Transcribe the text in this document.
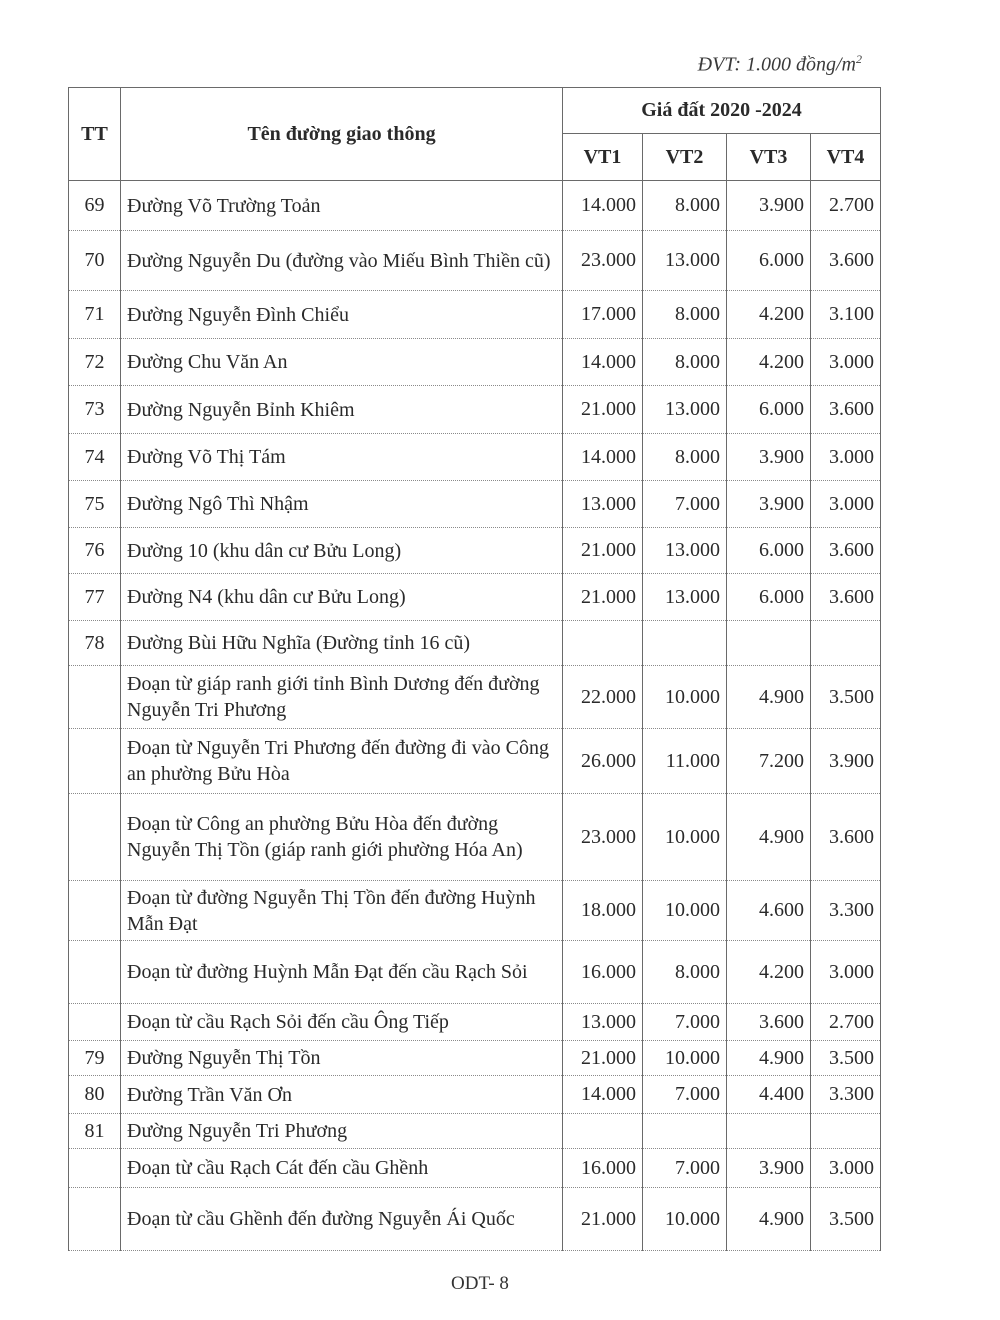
ĐVT: 1.000 đồng/$m^2$
TT	Tên đường giao thông	Giá đất 2020 -2024			
		VT1	VT2	VT3	VT4
69	Đường Võ Trường Toản	14.000	8.000	3.900	2.700
70	Đường Nguyễn Du (đường vào Miếu Bình Thiền cũ)	23.000	13.000	6.000	3.600
71	Đường Nguyễn Đình Chiểu	17.000	8.000	4.200	3.100
72	Đường Chu Văn An	14.000	8.000	4.200	3.000
73	Đường Nguyễn Bỉnh Khiêm	21.000	13.000	6.000	3.600
74	Đường Võ Thị Tám	14.000	8.000	3.900	3.000
75	Đường Ngô Thì Nhậm	13.000	7.000	3.900	3.000
76	Đường 10 (khu dân cư Bửu Long)	21.000	13.000	6.000	3.600
77	Đường N4 (khu dân cư Bửu Long)	21.000	13.000	6.000	3.600
78	Đường Bùi Hữu Nghĩa (Đường tỉnh 16 cũ)				
	Đoạn từ giáp ranh giới tỉnh Bình Dương đến đường Nguyễn Tri Phương	22.000	10.000	4.900	3.500
	Đoạn từ Nguyễn Tri Phương đến đường đi vào Công an phường Bửu Hòa	26.000	11.000	7.200	3.900
	Đoạn từ Công an phường Bửu Hòa đến đường Nguyễn Thị Tồn (giáp ranh giới phường Hóa An)	23.000	10.000	4.900	3.600
	Đoạn từ đường Nguyễn Thị Tồn đến đường Huỳnh Mẫn Đạt	18.000	10.000	4.600	3.300
	Đoạn từ đường Huỳnh Mẫn Đạt đến cầu Rạch Sỏi	16.000	8.000	4.200	3.000
	Đoạn từ cầu Rạch Sỏi đến cầu Ông Tiếp	13.000	7.000	3.600	2.700
79	Đường Nguyễn Thị Tồn	21.000	10.000	4.900	3.500
80	Đường Trần Văn Ơn	14.000	7.000	4.400	3.300
81	Đường Nguyễn Tri Phương				
	Đoạn từ cầu Rạch Cát đến cầu Ghềnh	16.000	7.000	3.900	3.000
	Đoạn từ cầu Ghềnh đến đường Nguyễn Ái Quốc	21.000	10.000	4.900	3.500
ODT- 8
